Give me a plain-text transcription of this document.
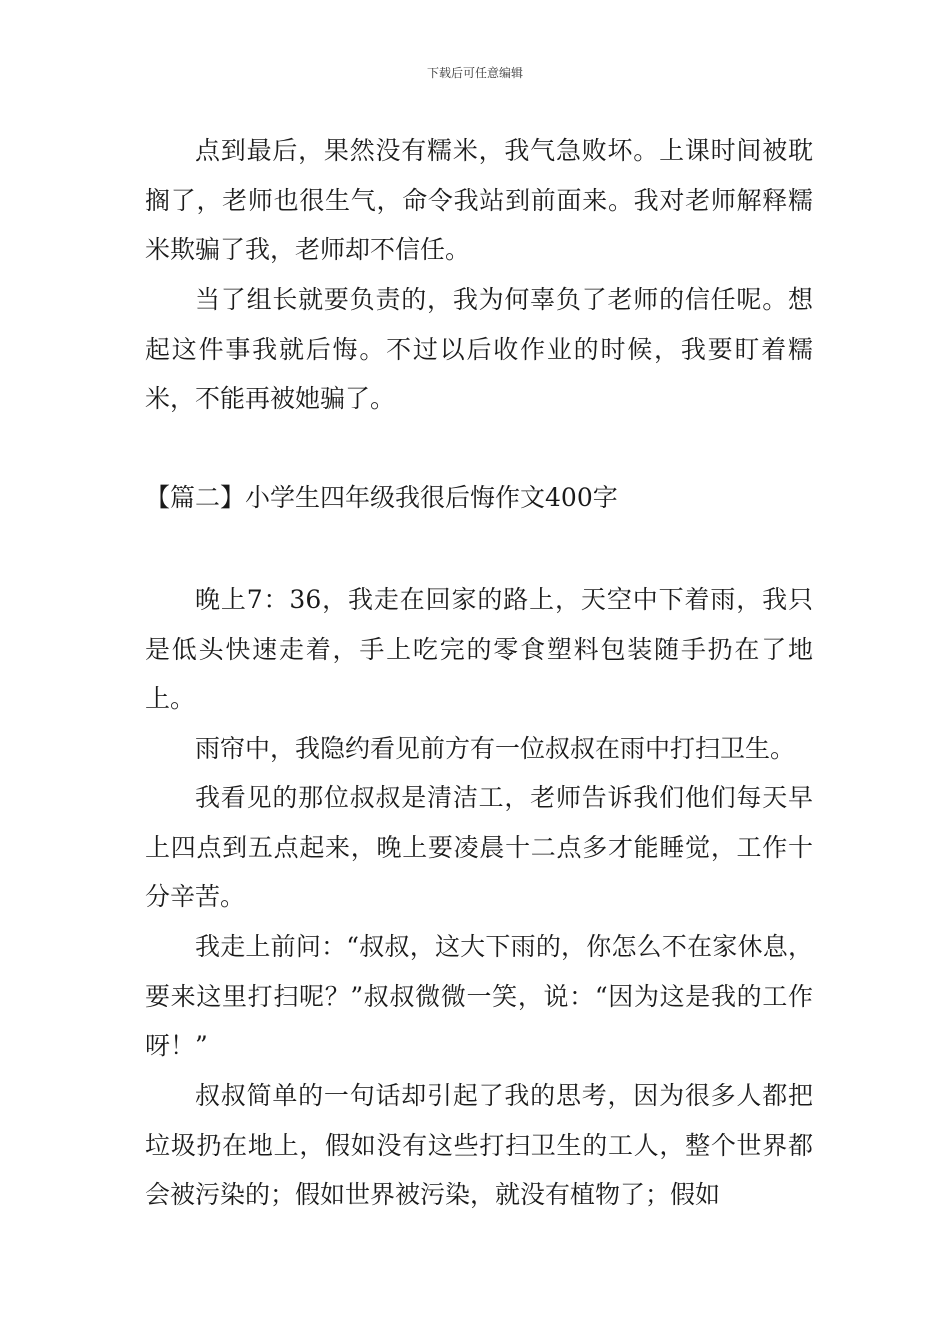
下载后可任意编辑

点到最后，果然没有糯米，我气急败坏。上课时间被耽搁了，老师也很生气，命令我站到前面来。我对老师解释糯米欺骗了我，老师却不信任。

当了组长就要负责的，我为何辜负了老师的信任呢。想起这件事我就后悔。不过以后收作业的时候，我要盯着糯米，不能再被她骗了。

【篇二】小学生四年级我很后悔作文400字

晚上7：36，我走在回家的路上，天空中下着雨，我只是低头快速走着，手上吃完的零食塑料包装随手扔在了地上。

雨帘中，我隐约看见前方有一位叔叔在雨中打扫卫生。

我看见的那位叔叔是清洁工，老师告诉我们他们每天早上四点到五点起来，晚上要凌晨十二点多才能睡觉，工作十分辛苦。

我走上前问：“叔叔，这大下雨的，你怎么不在家休息，要来这里打扫呢？”叔叔微微一笑，说：“因为这是我的工作呀！”

叔叔简单的一句话却引起了我的思考，因为很多人都把垃圾扔在地上，假如没有这些打扫卫生的工人，整个世界都会被污染的；假如世界被污染，就没有植物了；假如
